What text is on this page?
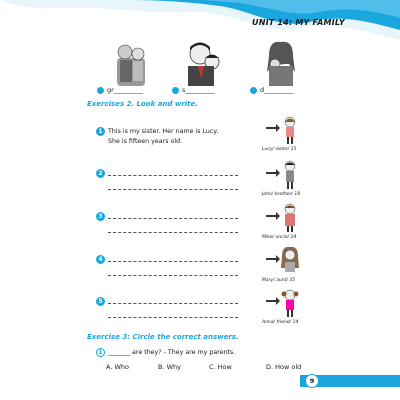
UNIT 14: MY FAMILY
gr_________	s_________	d_________
Exercises 2. Look and write.
1 This is my sister. Her name is Lucy.
She is fifteen years old.
2
3
4
5
Lucy/ sister/ 15
John/ brother/ 18
Mike/ uncle/ 24
Mary/ aunt/ 35
Anna/ friend/ 14
Exercise 3: Circle the correct answers.
1 _______ are they? - They are my parents.
A. Who	B. Why	C. How	D. How old
9
